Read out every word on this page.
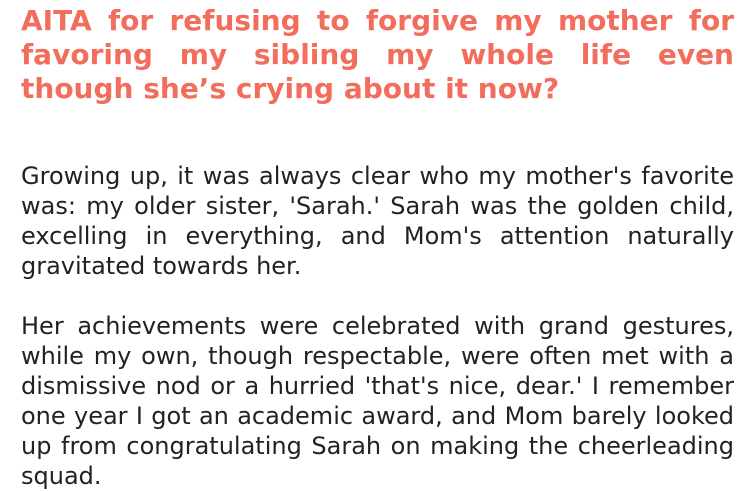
AITA for refusing to forgive my mother for favoring my sibling my whole life even though she’s crying about it now?

Growing up, it was always clear who my mother's favorite was: my older sister, 'Sarah.' Sarah was the golden child, excelling in everything, and Mom's attention naturally gravitated towards her.

Her achievements were celebrated with grand gestures, while my own, though respectable, were often met with a dismissive nod or a hurried 'that's nice, dear.' I remember one year I got an academic award, and Mom barely looked up from congratulating Sarah on making the cheerleading squad.
